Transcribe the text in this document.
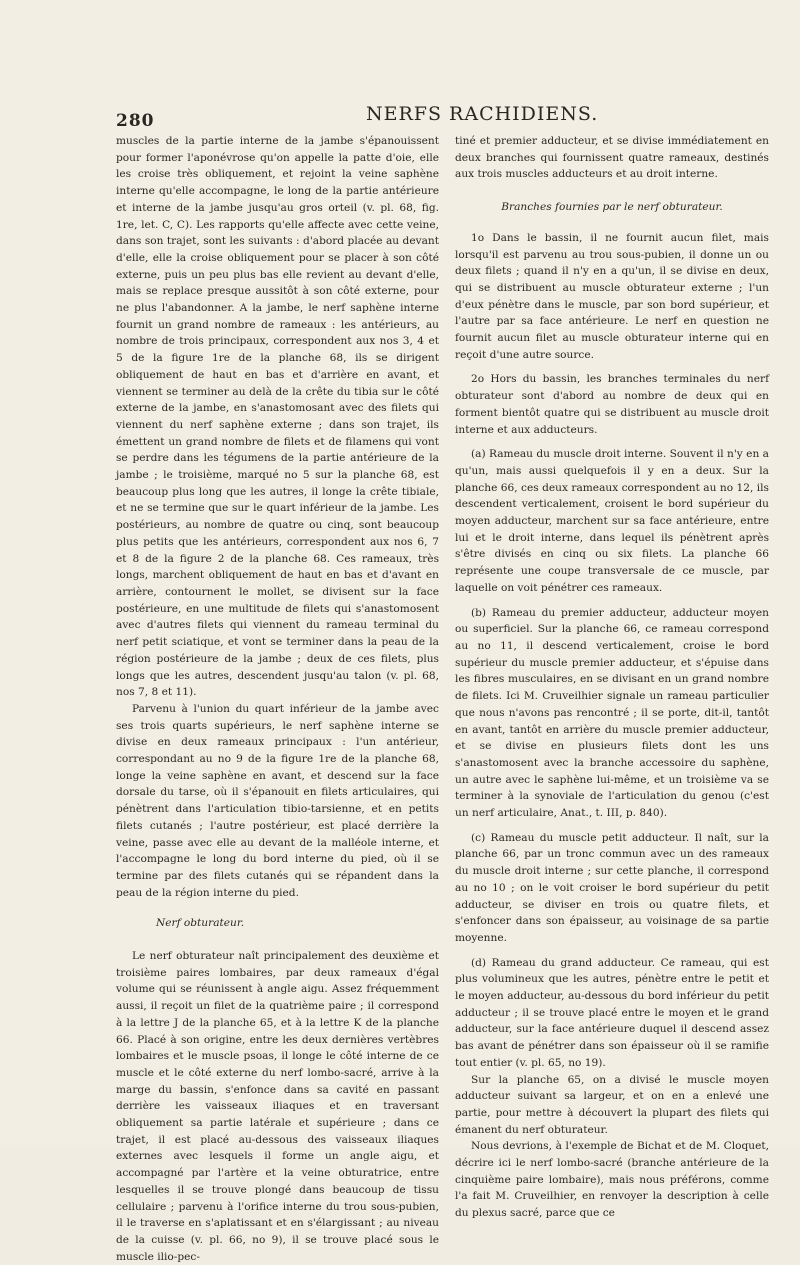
280	NERFS RACHIDIENS.

muscles de la partie interne de la jambe s'épanouissent pour former l'aponévrose qu'on appelle la patte d'oie, elle les croise très obliquement, et rejoint la veine saphène interne qu'elle accompagne, le long de la partie antérieure et interne de la jambe jusqu'au gros orteil (v. pl. 68, fig. 1re, let. C, C). Les rapports qu'elle affecte avec cette veine, dans son trajet, sont les suivants : d'abord placée au devant d'elle, elle la croise obliquement pour se placer à son côté externe, puis un peu plus bas elle revient au devant d'elle, mais se replace presque aussitôt à son côté externe, pour ne plus l'abandonner. A la jambe, le nerf saphène interne fournit un grand nombre de rameaux : les antérieurs, au nombre de trois principaux, correspondent aux nos 3, 4 et 5 de la figure 1re de la planche 68, ils se dirigent obliquement de haut en bas et d'arrière en avant, et viennent se terminer au delà de la crête du tibia sur le côté externe de la jambe, en s'anastomosant avec des filets qui viennent du nerf saphène externe ; dans son trajet, ils émettent un grand nombre de filets et de filamens qui vont se perdre dans les tégumens de la partie antérieure de la jambe ; le troisième, marqué no 5 sur la planche 68, est beaucoup plus long que les autres, il longe la crête tibiale, et ne se termine que sur le quart inférieur de la jambe. Les postérieurs, au nombre de quatre ou cinq, sont beaucoup plus petits que les antérieurs, correspondent aux nos 6, 7 et 8 de la figure 2 de la planche 68. Ces rameaux, très longs, marchent obliquement de haut en bas et d'avant en arrière, contournent le mollet, se divisent sur la face postérieure, en une multitude de filets qui s'anastomosent avec d'autres filets qui viennent du rameau terminal du nerf petit sciatique, et vont se terminer dans la peau de la région postérieure de la jambe ; deux de ces filets, plus longs que les autres, descendent jusqu'au talon (v. pl. 68, nos 7, 8 et 11).

Parvenu à l'union du quart inférieur de la jambe avec ses trois quarts supérieurs, le nerf saphène interne se divise en deux rameaux principaux : l'un antérieur, correspondant au no 9 de la figure 1re de la planche 68, longe la veine saphène en avant, et descend sur la face dorsale du tarse, où il s'épanouit en filets articulaires, qui pénètrent dans l'articulation tibio-tarsienne, et en petits filets cutanés ; l'autre postérieur, est placé derrière la veine, passe avec elle au devant de la malléole interne, et l'accompagne le long du bord interne du pied, où il se termine par des filets cutanés qui se répandent dans la peau de la région interne du pied.

Nerf obturateur.

Le nerf obturateur naît principalement des deuxième et troisième paires lombaires, par deux rameaux d'égal volume qui se réunissent à angle aigu. Assez fréquemment aussi, il reçoit un filet de la quatrième paire ; il correspond à la lettre J de la planche 65, et à la lettre K de la planche 66. Placé à son origine, entre les deux dernières vertèbres lombaires et le muscle psoas, il longe le côté interne de ce muscle et le côté externe du nerf lombo-sacré, arrive à la marge du bassin, s'enfonce dans sa cavité en passant derrière les vaisseaux iliaques et en traversant obliquement sa partie latérale et supérieure ; dans ce trajet, il est placé au-dessous des vaisseaux iliaques externes avec lesquels il forme un angle aigu, et accompagné par l'artère et la veine obturatrice, entre lesquelles il se trouve plongé dans beaucoup de tissu cellulaire ; parvenu à l'orifice interne du trou sous-pubien, il le traverse en s'aplatissant et en s'élargissant ; au niveau de la cuisse (v. pl. 66, no 9), il se trouve placé sous le muscle ilio-pec-

tiné et premier adducteur, et se divise immédiatement en deux branches qui fournissent quatre rameaux, destinés aux trois muscles adducteurs et au droit interne.

Branches fournies par le nerf obturateur.

1o Dans le bassin, il ne fournit aucun filet, mais lorsqu'il est parvenu au trou sous-pubien, il donne un ou deux filets ; quand il n'y en a qu'un, il se divise en deux, qui se distribuent au muscle obturateur externe ; l'un d'eux pénètre dans le muscle, par son bord supérieur, et l'autre par sa face antérieure. Le nerf en question ne fournit aucun filet au muscle obturateur interne qui en reçoit d'une autre source.

2o Hors du bassin, les branches terminales du nerf obturateur sont d'abord au nombre de deux qui en forment bientôt quatre qui se distribuent au muscle droit interne et aux adducteurs.

(a) Rameau du muscle droit interne. Souvent il n'y en a qu'un, mais aussi quelquefois il y en a deux. Sur la planche 66, ces deux rameaux correspondent au no 12, ils descendent verticalement, croisent le bord supérieur du moyen adducteur, marchent sur sa face antérieure, entre lui et le droit interne, dans lequel ils pénètrent après s'être divisés en cinq ou six filets. La planche 66 représente une coupe transversale de ce muscle, par laquelle on voit pénétrer ces rameaux.

(b) Rameau du premier adducteur, adducteur moyen ou superficiel. Sur la planche 66, ce rameau correspond au no 11, il descend verticalement, croise le bord supérieur du muscle premier adducteur, et s'épuise dans les fibres musculaires, en se divisant en un grand nombre de filets. Ici M. Cruveilhier signale un rameau particulier que nous n'avons pas rencontré ; il se porte, dit-il, tantôt en avant, tantôt en arrière du muscle premier adducteur, et se divise en plusieurs filets dont les uns s'anastomosent avec la branche accessoire du saphène, un autre avec le saphène lui-même, et un troisième va se terminer à la synoviale de l'articulation du genou (c'est un nerf articulaire, Anat., t. III, p. 840).

(c) Rameau du muscle petit adducteur. Il naît, sur la planche 66, par un tronc commun avec un des rameaux du muscle droit interne ; sur cette planche, il correspond au no 10 ; on le voit croiser le bord supérieur du petit adducteur, se diviser en trois ou quatre filets, et s'enfoncer dans son épaisseur, au voisinage de sa partie moyenne.

(d) Rameau du grand adducteur. Ce rameau, qui est plus volumineux que les autres, pénètre entre le petit et le moyen adducteur, au-dessous du bord inférieur du petit adducteur ; il se trouve placé entre le moyen et le grand adducteur, sur la face antérieure duquel il descend assez bas avant de pénétrer dans son épaisseur où il se ramifie tout entier (v. pl. 65, no 19).

Sur la planche 65, on a divisé le muscle moyen adducteur suivant sa largeur, et on en a enlevé une partie, pour mettre à découvert la plupart des filets qui émanent du nerf obturateur.

Nous devrions, à l'exemple de Bichat et de M. Cloquet, décrire ici le nerf lombo-sacré (branche antérieure de la cinquième paire lombaire), mais nous préférons, comme l'a fait M. Cruveilhier, en renvoyer la description à celle du plexus sacré, parce que ce
